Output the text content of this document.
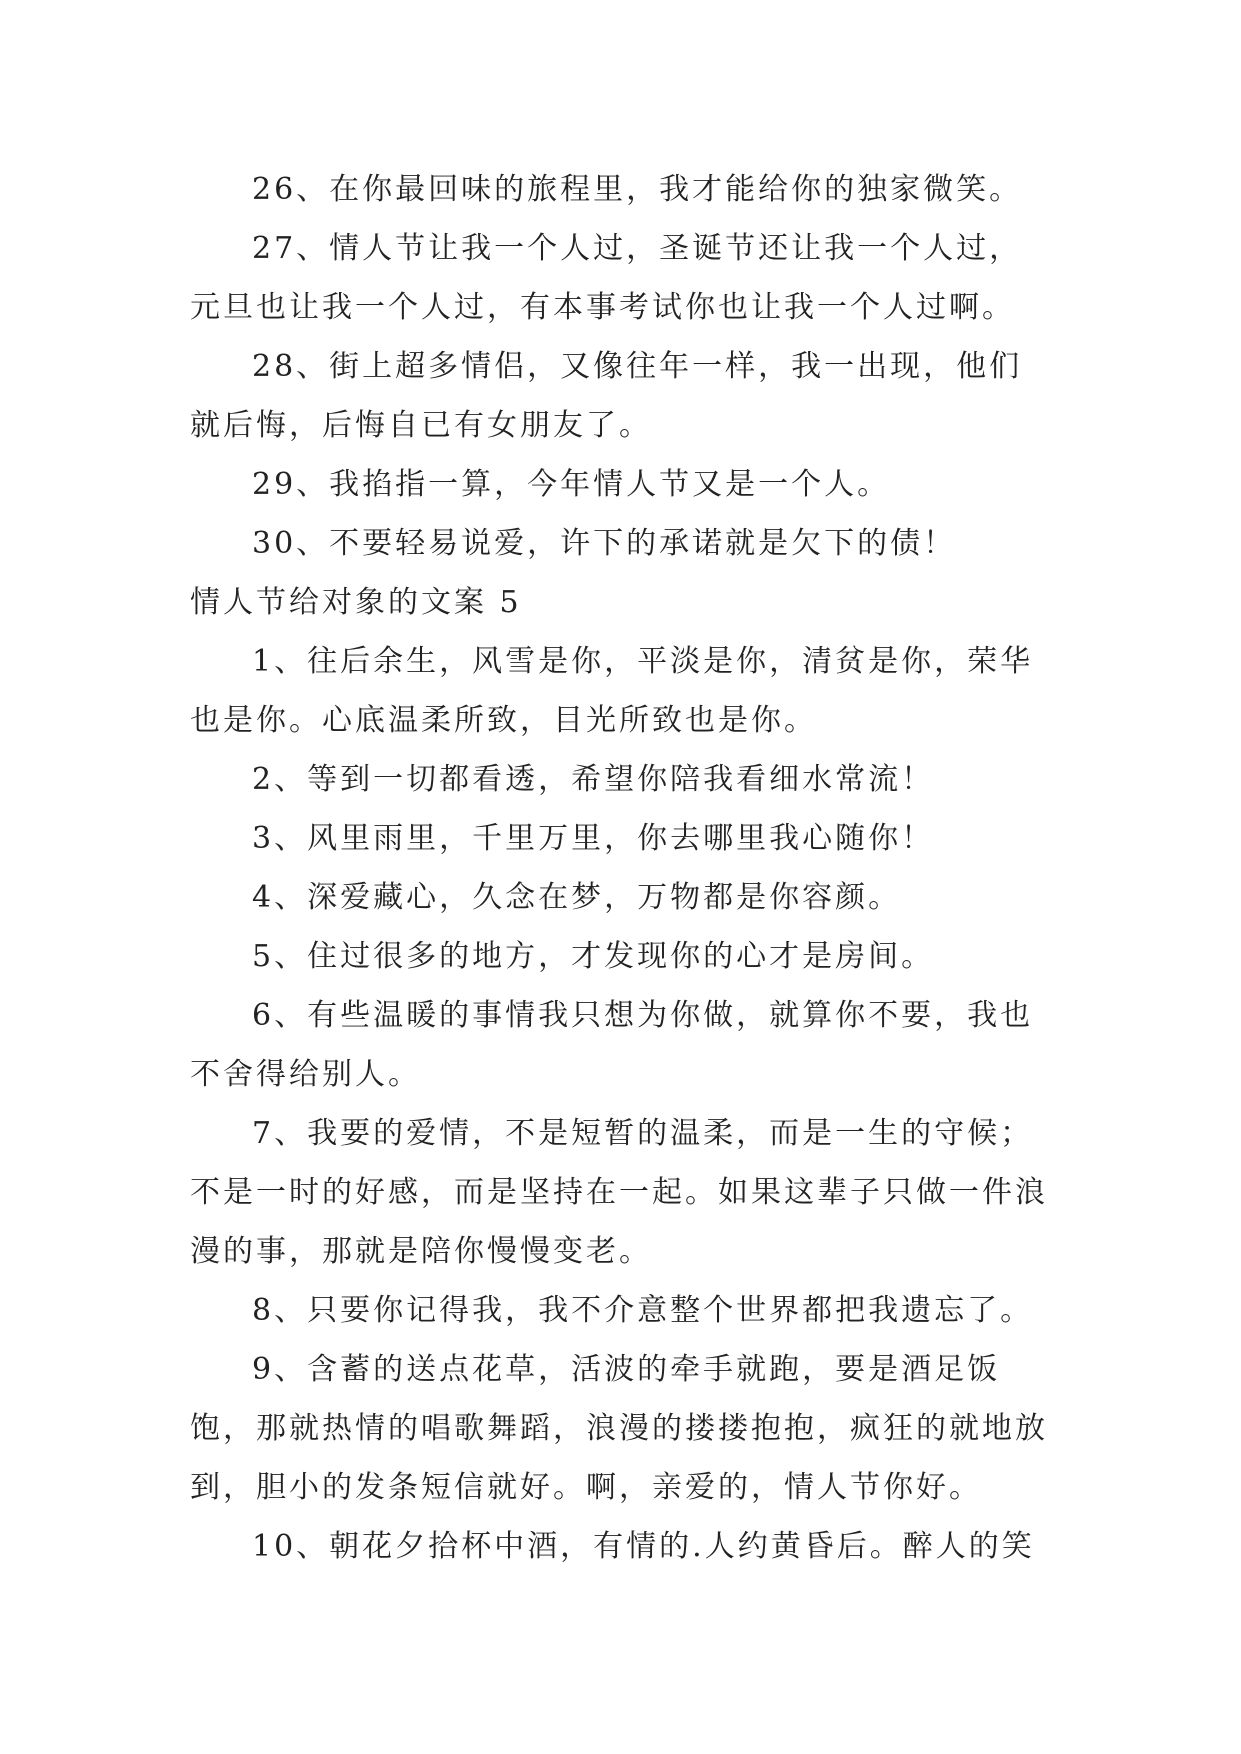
26、在你最回味的旅程里，我才能给你的独家微笑。

27、情人节让我一个人过，圣诞节还让我一个人过，元旦也让我一个人过，有本事考试你也让我一个人过啊。

28、街上超多情侣，又像往年一样，我一出现，他们就后悔，后悔自已有女朋友了。

29、我掐指一算，今年情人节又是一个人。

30、不要轻易说爱，许下的承诺就是欠下的债！

情人节给对象的文案 5

1、往后余生，风雪是你，平淡是你，清贫是你，荣华也是你。心底温柔所致，目光所致也是你。

2、等到一切都看透，希望你陪我看细水常流！

3、风里雨里，千里万里，你去哪里我心随你！

4、深爱藏心，久念在梦，万物都是你容颜。

5、住过很多的地方，才发现你的心才是房间。

6、有些温暖的事情我只想为你做，就算你不要，我也不舍得给别人。

7、我要的爱情，不是短暂的温柔，而是一生的守候；不是一时的好感，而是坚持在一起。如果这辈子只做一件浪漫的事，那就是陪你慢慢变老。

8、只要你记得我，我不介意整个世界都把我遗忘了。

9、含蓄的送点花草，活波的牵手就跑，要是酒足饭饱，那就热情的唱歌舞蹈，浪漫的搂搂抱抱，疯狂的就地放到，胆小的发条短信就好。啊，亲爱的，情人节你好。

10、朝花夕拾杯中酒，有情的.人约黄昏后。醉人的笑
